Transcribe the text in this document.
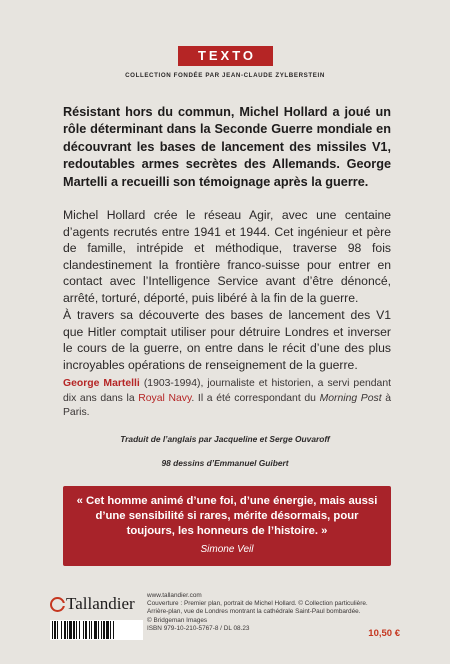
TEXTO
COLLECTION FONDÉE PAR JEAN-CLAUDE ZYLBERSTEIN

Résistant hors du commun, Michel Hollard a joué un rôle déterminant dans la Seconde Guerre mondiale en découvrant les bases de lancement des missiles V1, redoutables armes secrètes des Allemands. George Martelli a recueilli son témoignage après la guerre.

Michel Hollard crée le réseau Agir, avec une centaine d’agents recrutés entre 1941 et 1944. Cet ingénieur et père de famille, intrépide et méthodique, traverse 98 fois clandestinement la frontière franco-suisse pour entrer en contact avec l’Intelligence Service avant d’être dénoncé, arrêté, torturé, déporté, puis libéré à la fin de la guerre.

À travers sa découverte des bases de lancement des V1 que Hitler comptait utiliser pour détruire Londres et inverser le cours de la guerre, on entre dans le récit d’une des plus incroyables opérations de renseignement de la guerre.

George Martelli (1903-1994), journaliste et historien, a servi pendant dix ans dans la Royal Navy. Il a été correspondant du Morning Post à Paris.

Traduit de l’anglais par Jacqueline et Serge Ouvaroff

98 dessins d’Emmanuel Guibert

« Cet homme animé d’une foi, d’une énergie, mais aussi d’une sensibilité si rares, mérite désormais, pour toujours, les honneurs de l’histoire. »

Simone Veil

Tallandier www.tallandier.com
Couverture : Premier plan, portrait de Michel Hollard. © Collection particulière.
Arrière-plan, vue de Londres montrant la cathédrale Saint-Paul bombardée.
© Bridgeman Images
ISBN 979-10-210-5767-8 / DL 08.23	10,50 €
